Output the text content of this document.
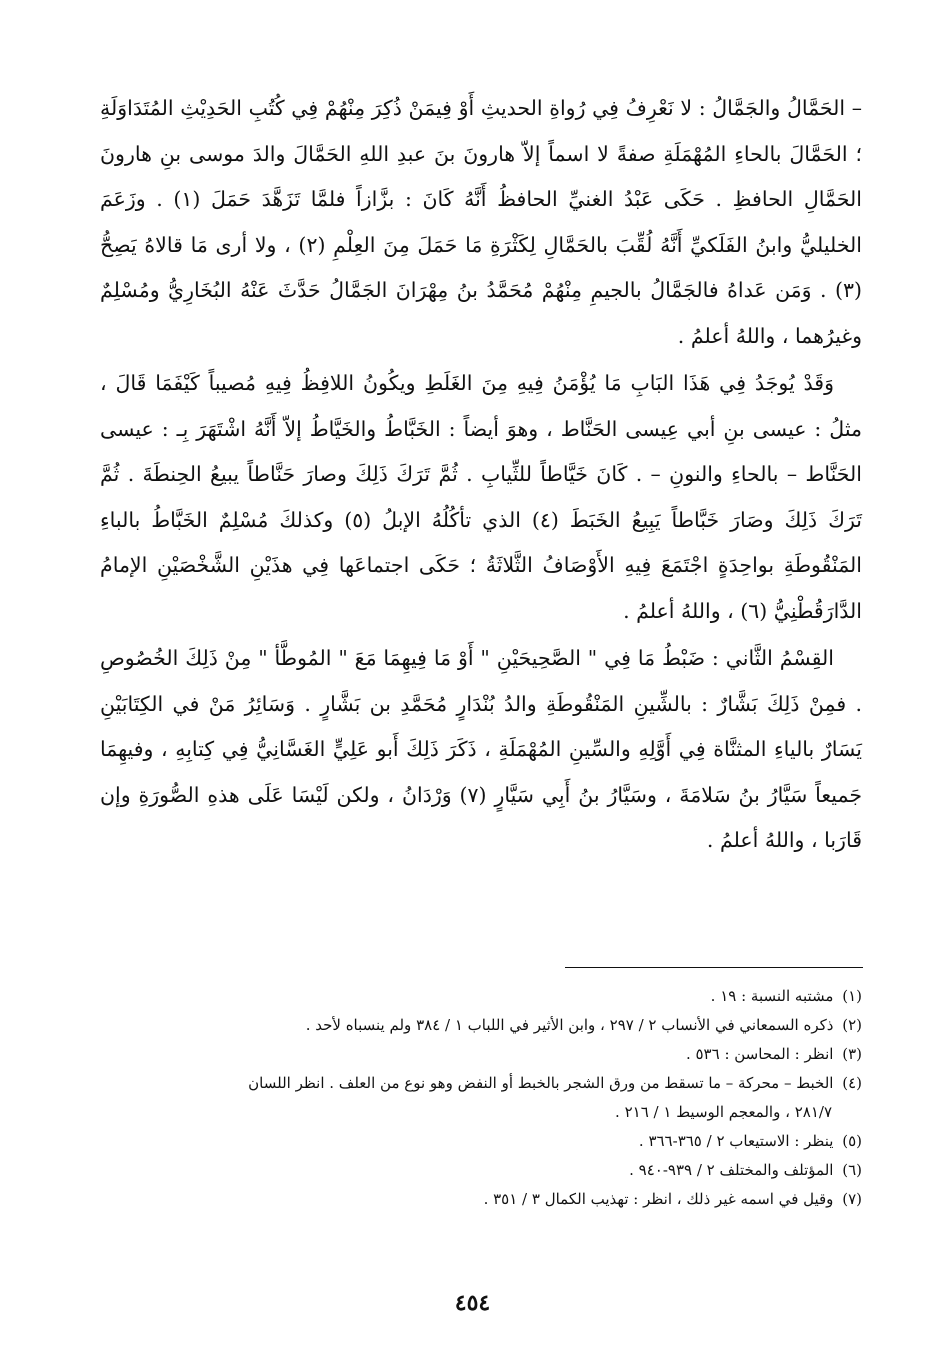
– الحَمَّالُ والجَمَّالُ : لا نَعْرِفُ فِي رُواةِ الحديثِ أَوْ فِيمَنْ ذُكِرَ مِنْهُمْ فِي كُتُبِ الحَدِيْثِ المُتَدَاوَلَةِ ؛ الحَمَّالَ بالحاءِ المُهْمَلَةِ صفةً لا اسماً إلاّ هارونَ بنَ عبدِ اللهِ الحَمَّالَ والدَ موسى بنِ هارونَ الحَمَّالِ الحافظِ . حَكَى عَبْدُ الغنيِّ الحافظُ أَنَّهُ كَانَ : بزَّازاً فلمَّا تَزَهَّدَ حَمَلَ (١) . وزَعَمَ الخليليُّ وابنُ الفَلَكيِّ أَنَّهُ لُقِّبَ بالحَمَّالِ لِكَثْرَةِ مَا حَمَلَ مِنَ العِلْمِ (٢) ، ولا أرى مَا قالاهُ يَصِحُّ (٣) . وَمَن عَداهُ فالجَمَّالُ بالجيمِ مِنْهُمْ مُحَمَّدُ بنُ مِهْرَانَ الجَمَّالُ حَدَّثَ عَنْهُ البُخَارِيُّ ومُسْلِمٌ وغيرُهما ، واللهُ أعلمُ .

وَقَدْ يُوجَدُ فِي هَذَا البَابِ مَا يُؤْمَنُ فِيهِ مِنَ الغَلَطِ ويكُونُ اللافِظُ فِيهِ مُصيباً كَيْفَمَا قَالَ ، مثلُ : عيسى بنِ أبي عِيسى الحَنَّاط ، وهوَ أيضاً : الخَبَّاطُ والخَيَّاطُ إلاّ أَنَّهُ اشْتَهَرَ بِـ : عيسى الحَنَّاط – بالحاءِ والنونِ – . كَانَ خَيَّاطاً للثِّيابِ . ثُمَّ تَرَكَ ذَلِكَ وصارَ حَنَّاطاً يبيعُ الحِنطَةَ . ثُمَّ تَرَكَ ذَلِكَ وصَارَ خَبَّاطاً يَبِيعُ الخَبَطَ (٤) الذي تأكُلُهُ الإبلُ (٥) وكذلكَ مُسْلِمٌ الخَبَّاطُ بالباءِ المَنْقُوطَةِ بواحِدَةٍ اجْتَمَعَ فِيهِ الأَوْصَافُ الثَّلاثَةُ ؛ حَكَى اجتماعَها فِي هذَيْنِ الشَّخْصَيْنِ الإمامُ الدَّارَقُطْنِيُّ (٦) ، واللهُ أعلمُ .

القِسْمُ الثَّاني : ضَبْطُ مَا فِي " الصَّحِيحَيْنِ " أَوْ مَا فِيهِمَا مَعَ " المُوطَّأ " مِنْ ذَلِكَ الخُصُوصِ . فمِنْ ذَلِكَ بَشَّارٌ : بالشِّينِ المَنْقُوطَةِ والدُ بُنْدَارٍ مُحَمَّدِ بن بَشَّارٍ . وَسَائِرُ مَنْ في الكِتَابَيْنِ يَسَارٌ بالياءِ المثنَّاة فِي أَوَّلِهِ والسِّينِ المُهْمَلَةِ ، ذَكَرَ ذَلِكَ أَبو عَلِيٍّ الغَسَّانِيُّ فِي كِتابِهِ ، وفيهِمَا جَميعاً سَيَّارُ بنُ سَلامَةَ ، وسَيَّارُ بنُ أَبِي سَيَّارٍ (٧) وَرْدَانُ ، ولكن لَيْسَا عَلَى هذهِ الصُّورَةِ وإن قَارَبا ، واللهُ أعلمُ .

(١) مشتبه النسبة : ١٩ .

(٢) ذكره السمعاني في الأنساب ٢ / ٢٩٧ ، وابن الأثير في اللباب ١ / ٣٨٤ ولم ينسباه لأحد .

(٣) انظر : المحاسن : ٥٣٦ .

(٤) الخبط – محركة – ما تسقط من ورق الشجر بالخبط أو النفض وهو نوع من العلف . انظر اللسان

٢٨١/٧ ، والمعجم الوسيط ١ / ٢١٦ .

(٥) ينظر : الاستيعاب ٢ / ٣٦٥-٣٦٦ .

(٦) المؤتلف والمختلف ٢ / ٩٣٩-٩٤٠ .

(٧) وقيل في اسمه غير ذلك ، انظر : تهذيب الكمال ٣ / ٣٥١ .

٤٥٤
